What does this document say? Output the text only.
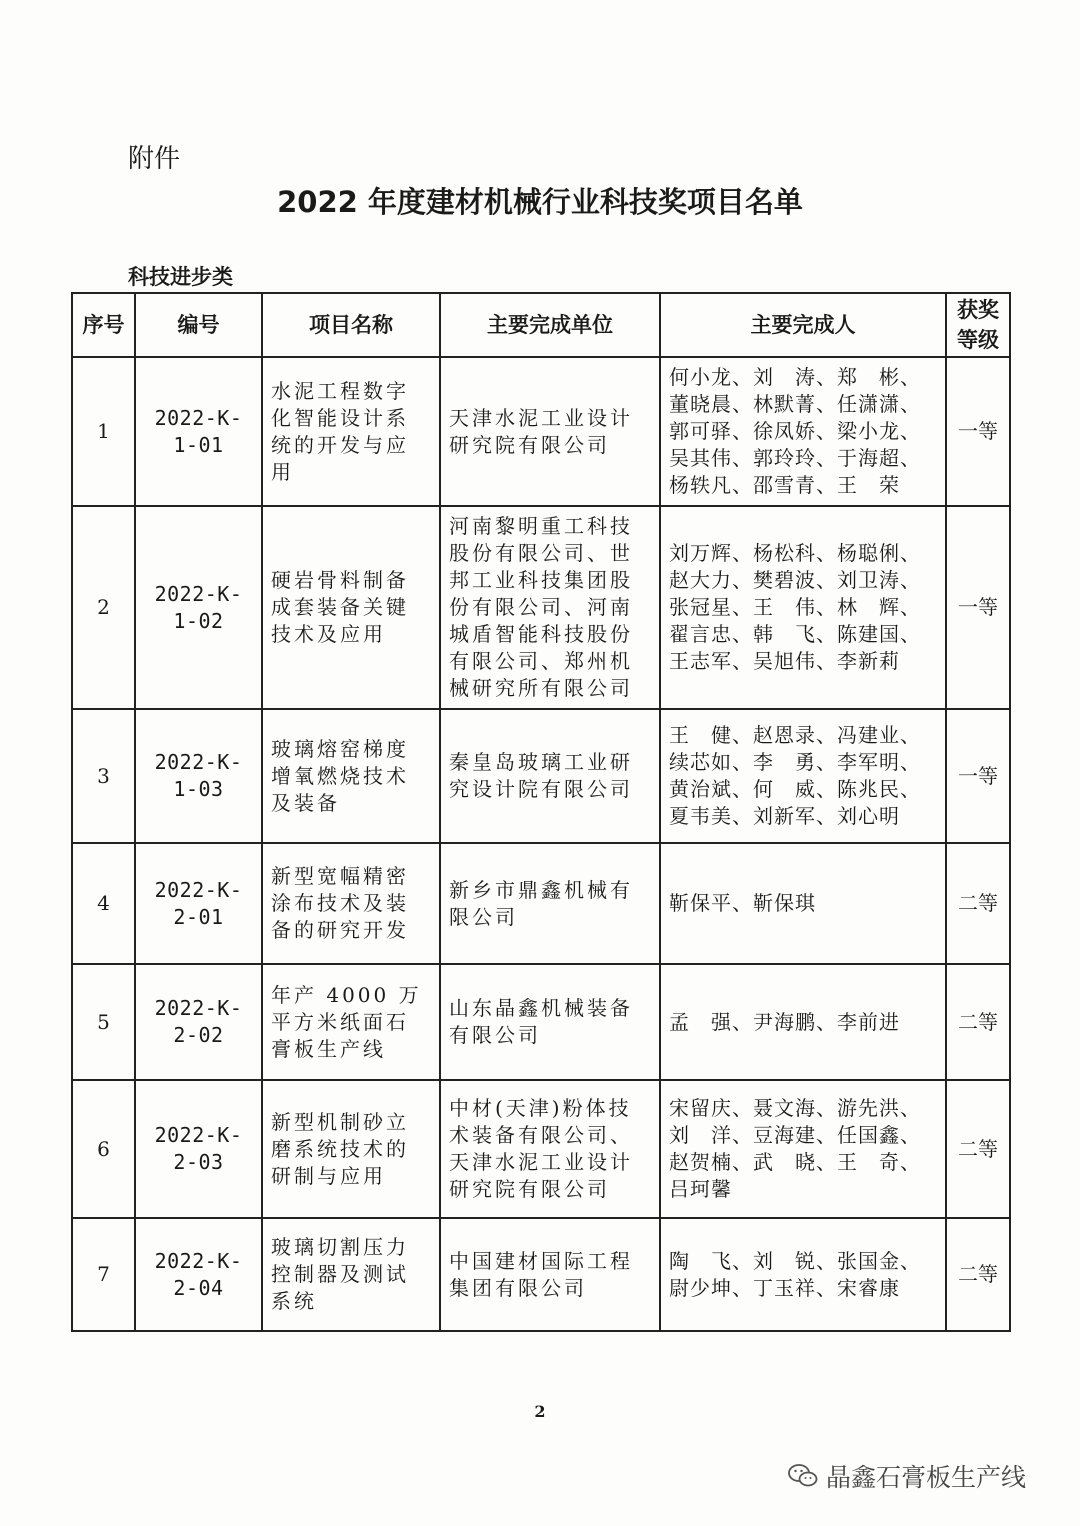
附件
2022 年度建材机械行业科技奖项目名单
科技进步类
序号	编号	项目名称	主要完成单位	主要完成人	获奖等级
1	2022-K-1-01	水泥工程数字化智能设计系统的开发与应用	天津水泥工业设计研究院有限公司	何小龙、刘　涛、郑　彬、董晓晨、林默菁、任潇潇、郭可驿、徐凤娇、梁小龙、吴其伟、郭玲玲、于海超、杨轶凡、邵雪青、王　荣	一等
2	2022-K-1-02	硬岩骨料制备成套装备关键技术及应用	河南黎明重工科技股份有限公司、世邦工业科技集团股份有限公司、河南城盾智能科技股份有限公司、郑州机械研究所有限公司	刘万辉、杨松科、杨聪俐、赵大力、樊碧波、刘卫涛、张冠星、王　伟、林　辉、翟言忠、韩　飞、陈建国、王志军、吴旭伟、李新莉	一等
3	2022-K-1-03	玻璃熔窑梯度增氧燃烧技术及装备	秦皇岛玻璃工业研究设计院有限公司	王　健、赵恩录、冯建业、续芯如、李　勇、李军明、黄治斌、何　威、陈兆民、夏韦美、刘新军、刘心明	一等
4	2022-K-2-01	新型宽幅精密涂布技术及装备的研究开发	新乡市鼎鑫机械有限公司	靳保平、靳保琪	二等
5	2022-K-2-02	年产 4000 万平方米纸面石膏板生产线	山东晶鑫机械装备有限公司	孟　强、尹海鹏、李前进	二等
6	2022-K-2-03	新型机制砂立磨系统技术的研制与应用	中材(天津)粉体技术装备有限公司、天津水泥工业设计研究院有限公司	宋留庆、聂文海、游先洪、刘　洋、豆海建、任国鑫、赵贺楠、武　晓、王　奇、吕珂馨	二等
7	2022-K-2-04	玻璃切割压力控制器及测试系统	中国建材国际工程集团有限公司	陶　飞、刘　锐、张国金、尉少坤、丁玉祥、宋睿康	二等
2
晶鑫石膏板生产线
